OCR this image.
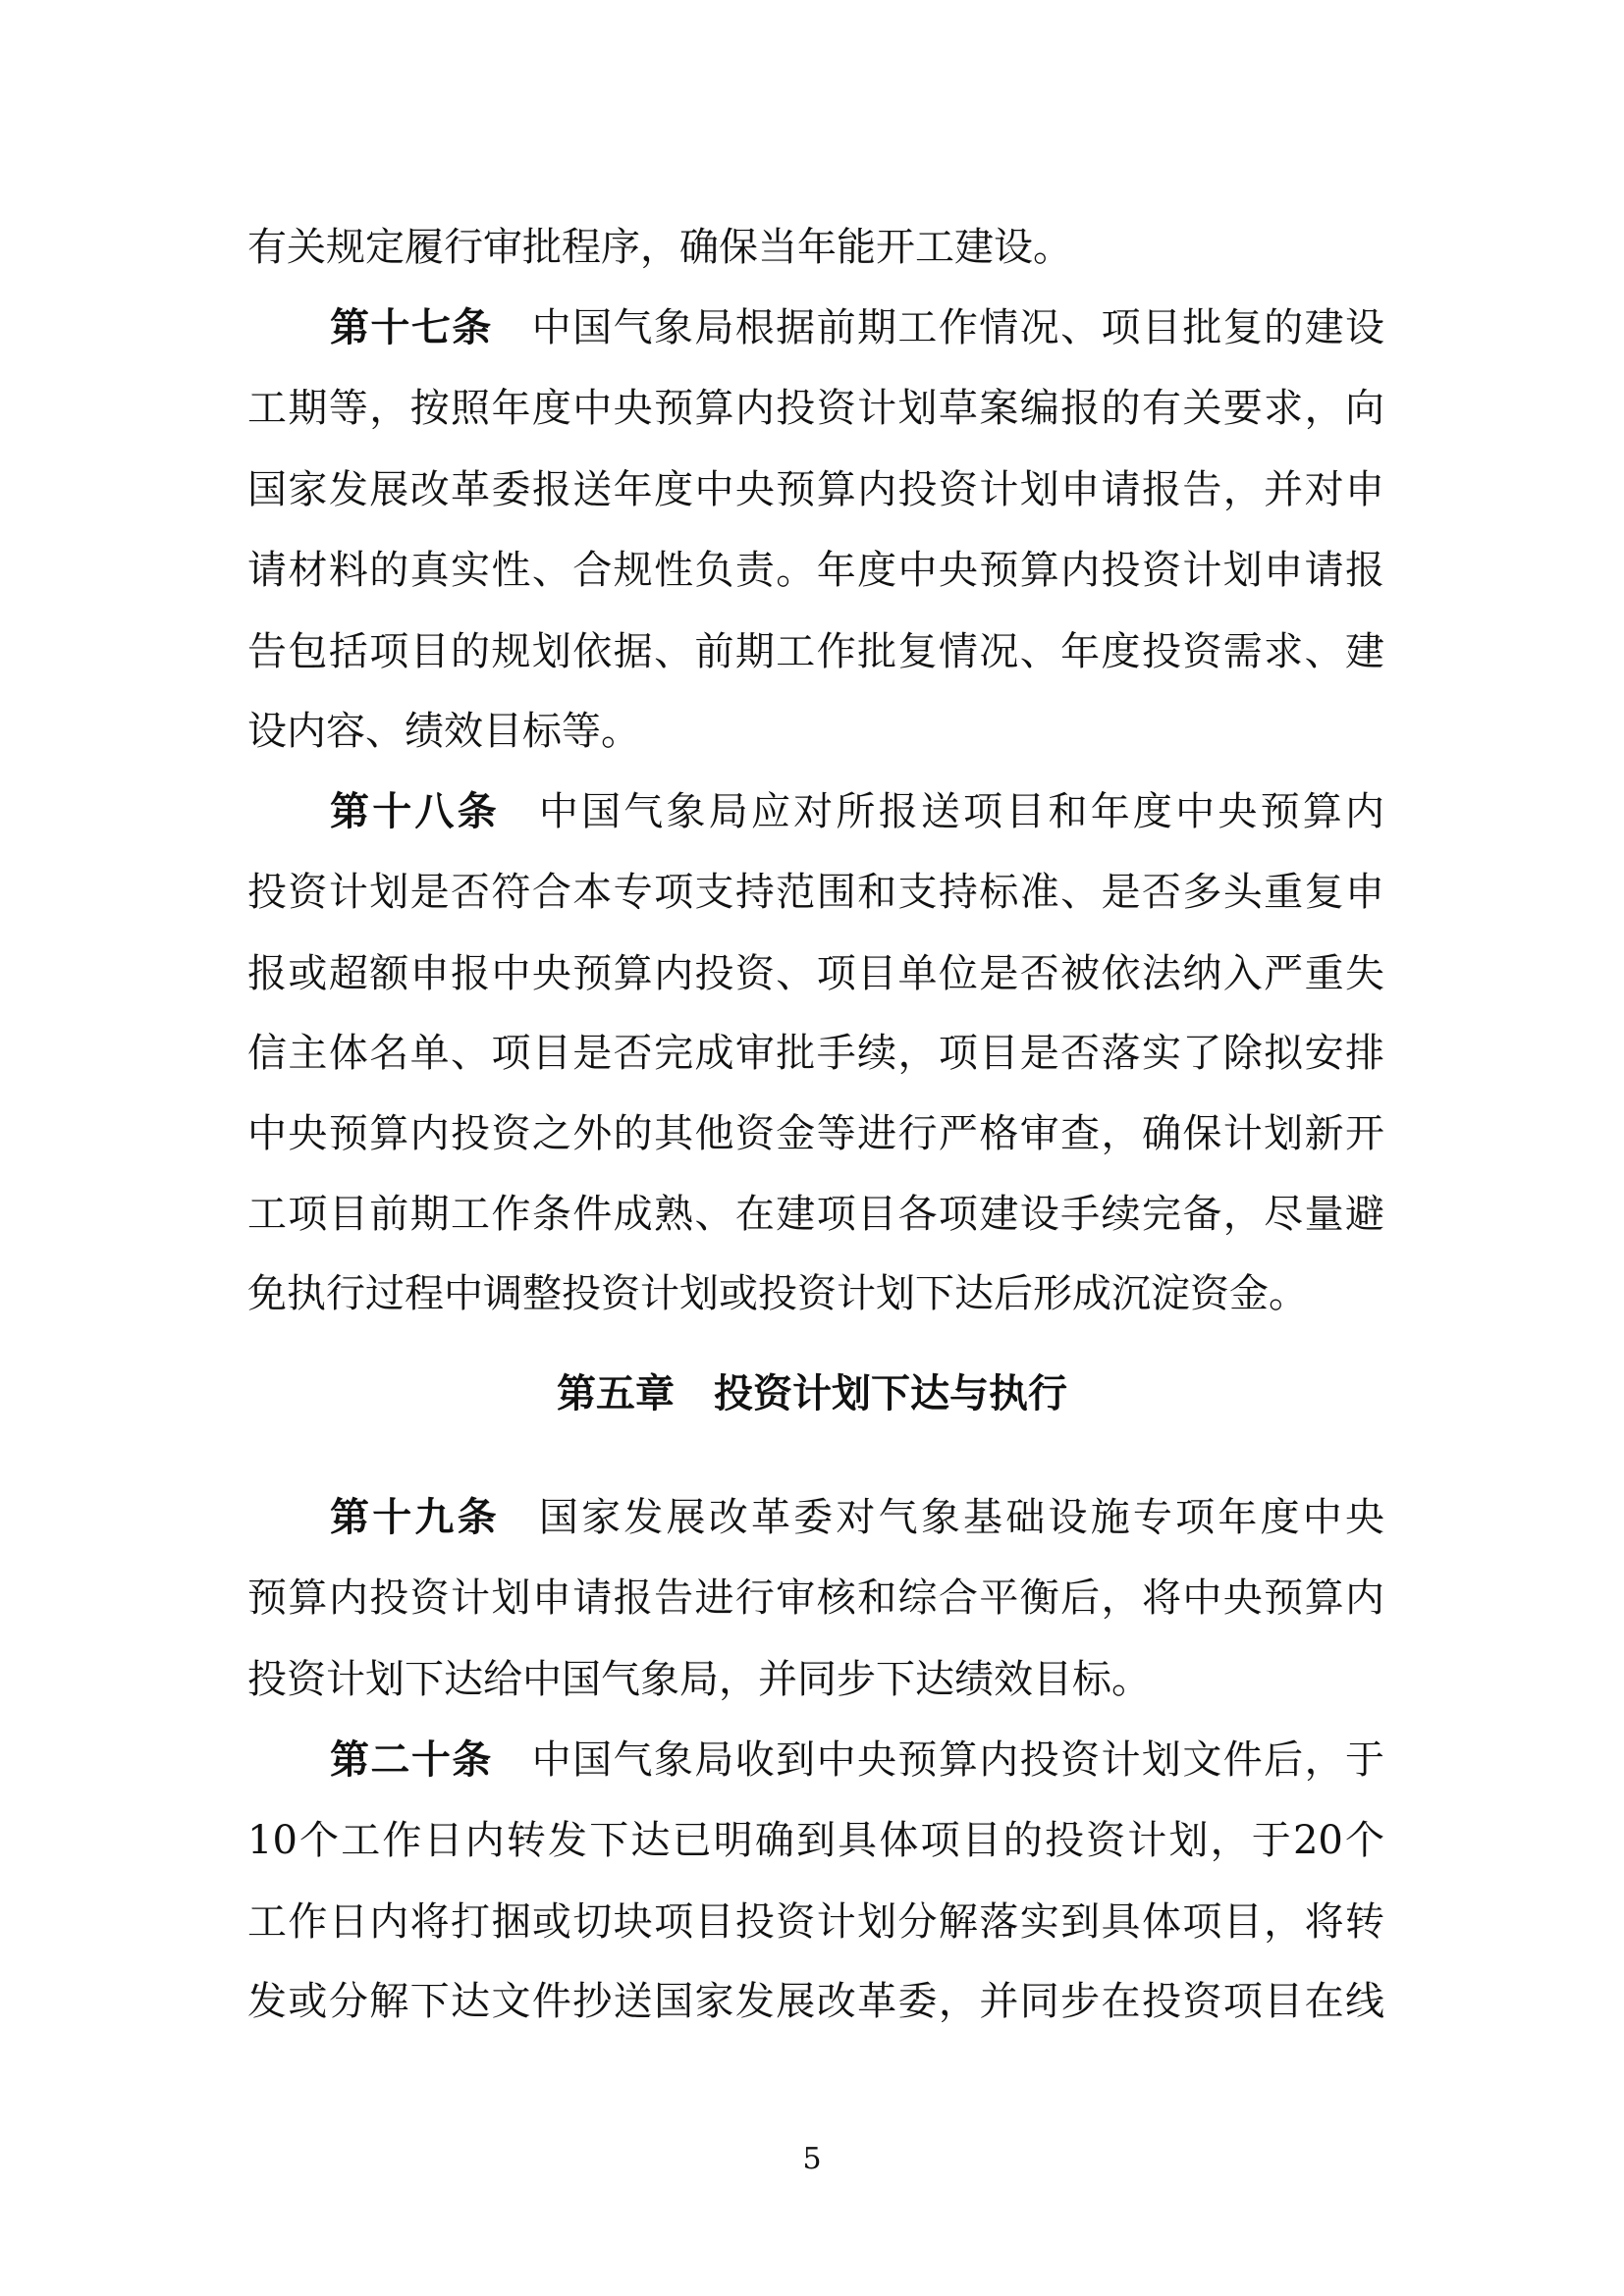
第五章 投资计划下达与执行
5
有关规定履行审批程序，确保当年能开工建设。
第十七条 中国气象局根据前期工作情况、项目批复的建设
工期等，按照年度中央预算内投资计划草案编报的有关要求，向
国家发展改革委报送年度中央预算内投资计划申请报告，并对申
请材料的真实性、合规性负责。年度中央预算内投资计划申请报
告包括项目的规划依据、前期工作批复情况、年度投资需求、建
设内容、绩效目标等。
第十八条 中国气象局应对所报送项目和年度中央预算内
投资计划是否符合本专项支持范围和支持标准、是否多头重复申
报或超额申报中央预算内投资、项目单位是否被依法纳入严重失
信主体名单、项目是否完成审批手续，项目是否落实了除拟安排
中央预算内投资之外的其他资金等进行严格审查，确保计划新开
工项目前期工作条件成熟、在建项目各项建设手续完备，尽量避
免执行过程中调整投资计划或投资计划下达后形成沉淀资金。
第十九条 国家发展改革委对气象基础设施专项年度中央
预算内投资计划申请报告进行审核和综合平衡后，将中央预算内
投资计划下达给中国气象局，并同步下达绩效目标。
第二十条 中国气象局收到中央预算内投资计划文件后，于
10个工作日内转发下达已明确到具体项目的投资计划，于20个
工作日内将打捆或切块项目投资计划分解落实到具体项目，将转
发或分解下达文件抄送国家发展改革委，并同步在投资项目在线
